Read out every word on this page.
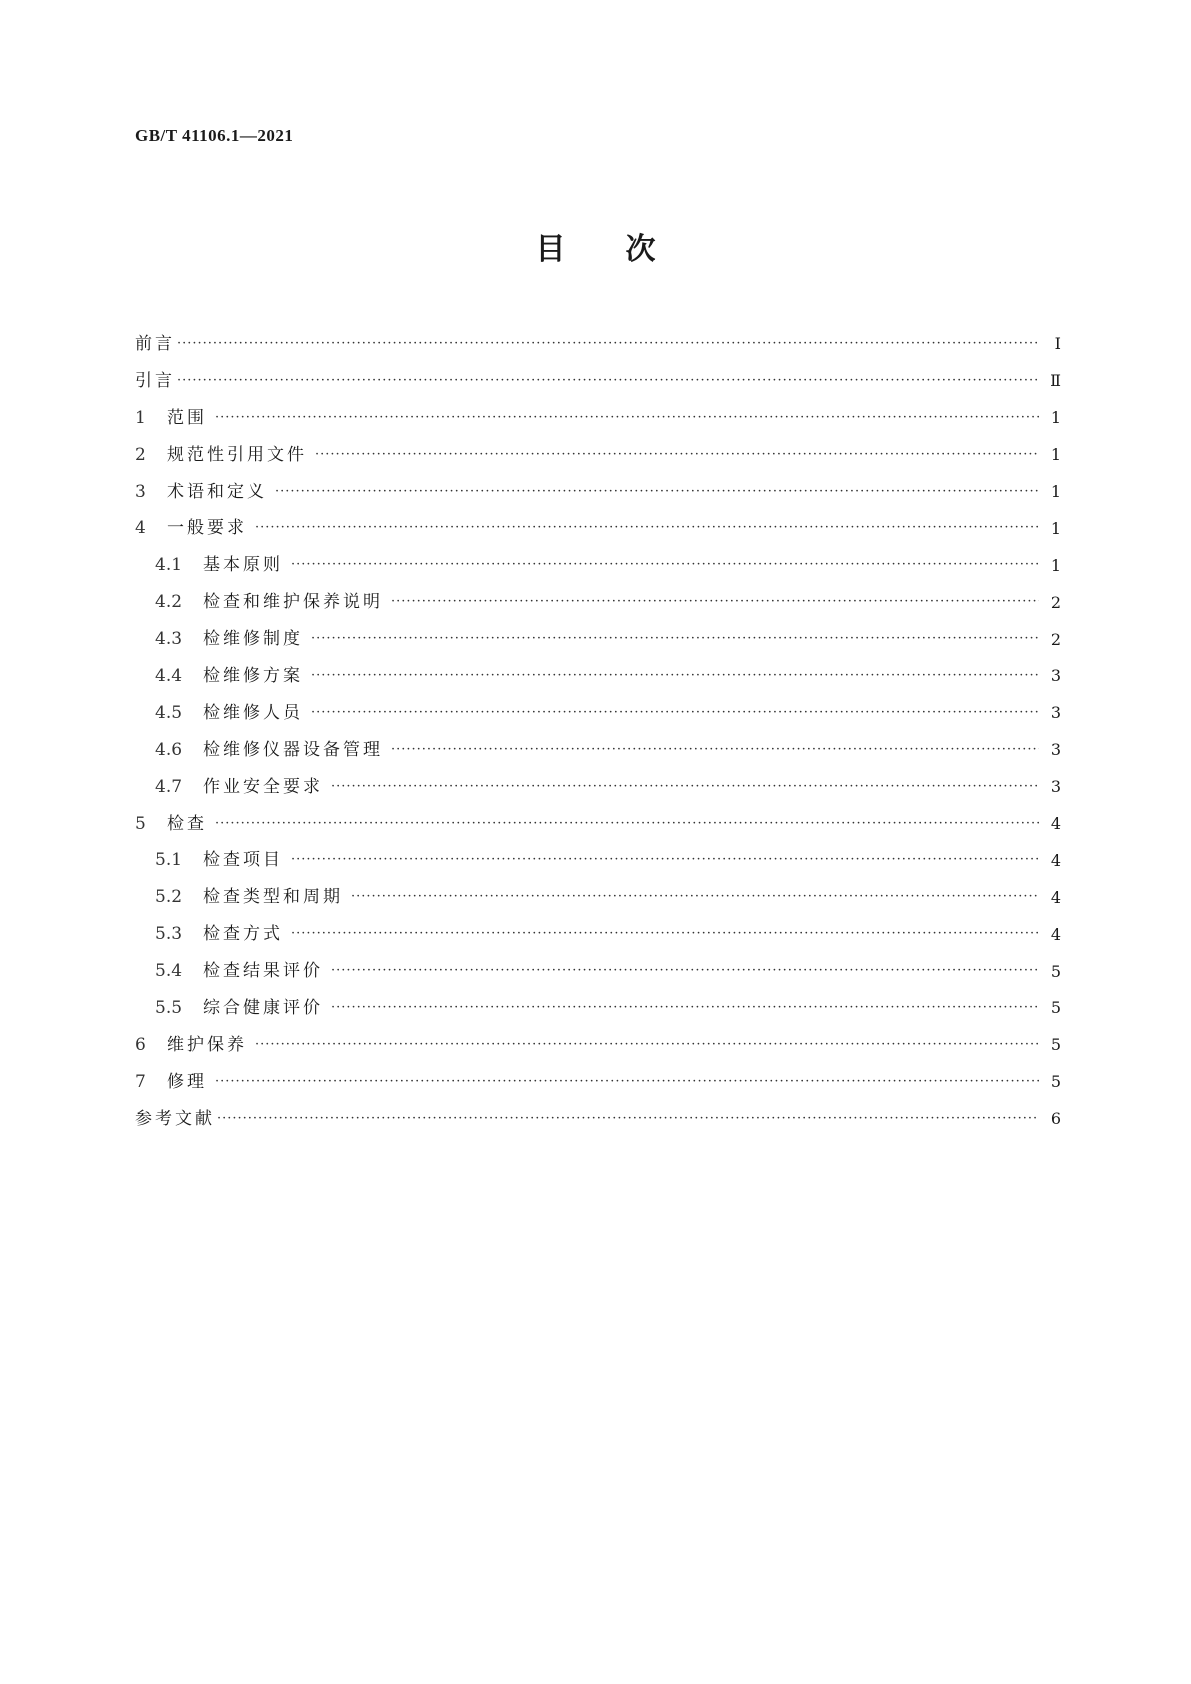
GB/T 41106.1—2021
目次
前言 ·····	Ⅰ
引言 ·····	Ⅱ
1	范围 ·····	1
2	规范性引用文件 ·····	1
3	术语和定义 ·····	1
4	一般要求 ·····	1
4.1	基本原则 ·····	1
4.2	检查和维护保养说明 ·····	2
4.3	检维修制度 ·····	2
4.4	检维修方案 ·····	3
4.5	检维修人员 ·····	3
4.6	检维修仪器设备管理 ·····	3
4.7	作业安全要求 ·····	3
5	检查 ·····	4
5.1	检查项目 ·····	4
5.2	检查类型和周期 ·····	4
5.3	检查方式 ·····	4
5.4	检查结果评价 ·····	5
5.5	综合健康评价 ·····	5
6	维护保养 ·····	5
7	修理 ·····	5
参考文献 ·····	6
